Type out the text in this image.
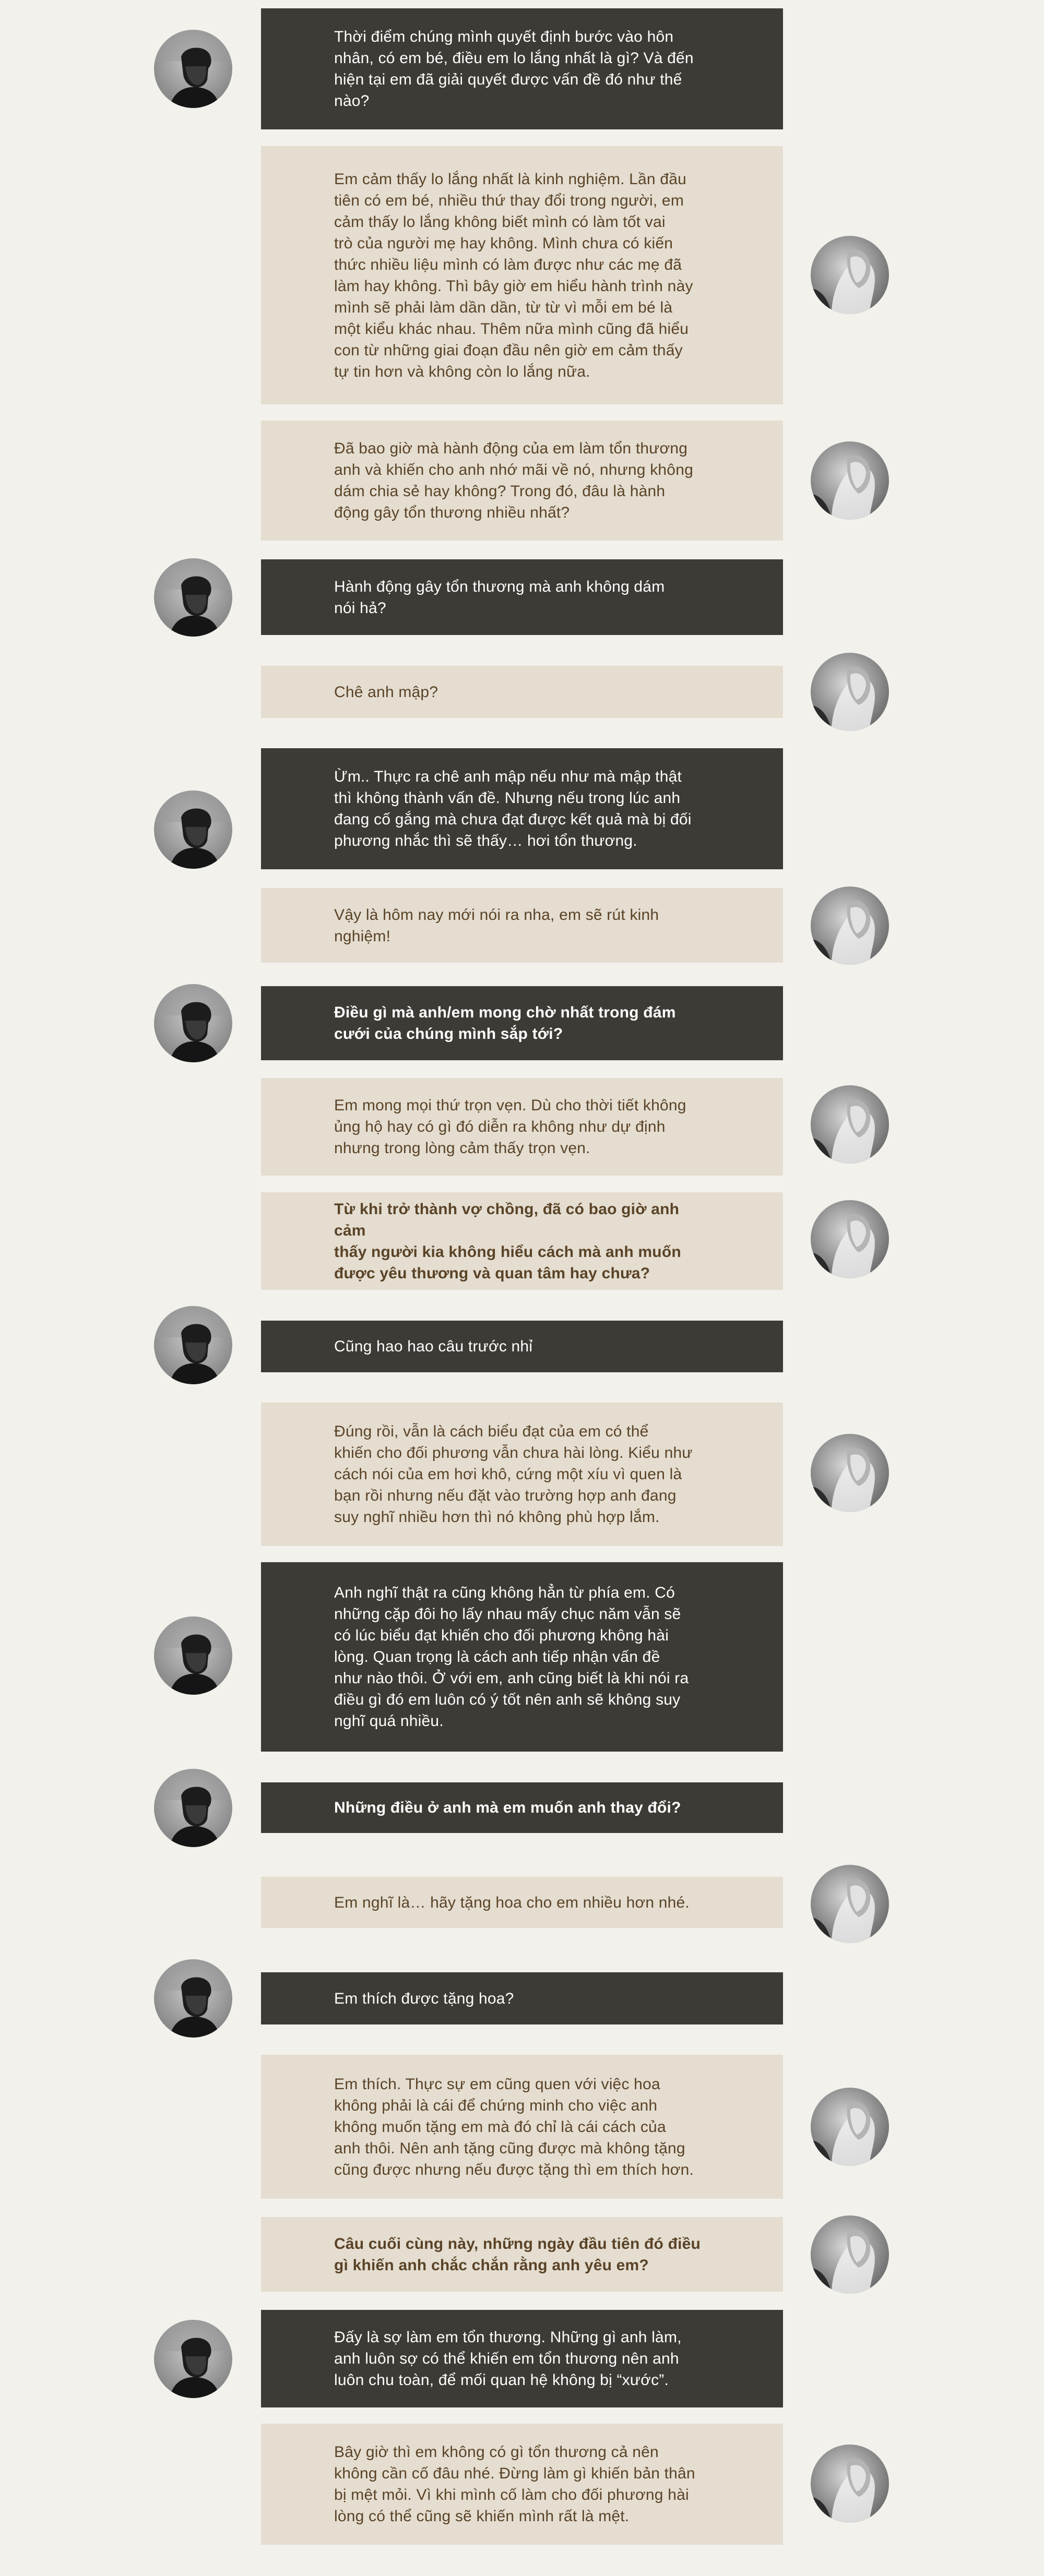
Thời điểm chúng mình quyết định bước vào hôn
nhân, có em bé, điều em lo lắng nhất là gì? Và đến
hiện tại em đã giải quyết được vấn đề đó như thế
nào?
Em cảm thấy lo lắng nhất là kinh nghiệm. Lần đầu
tiên có em bé, nhiều thứ thay đổi trong người, em
cảm thấy lo lắng không biết mình có làm tốt vai
trò của người mẹ hay không. Mình chưa có kiến
thức nhiều liệu mình có làm được như các mẹ đã
làm hay không. Thì bây giờ em hiểu hành trình này
mình sẽ phải làm dần dần, từ từ vì mỗi em bé là
một kiểu khác nhau. Thêm nữa mình cũng đã hiểu
con từ những giai đoạn đầu nên giờ em cảm thấy
tự tin hơn và không còn lo lắng nữa.
Đã bao giờ mà hành động của em làm tổn thương
anh và khiến cho anh nhớ mãi về nó, nhưng không
dám chia sẻ hay không? Trong đó, đâu là hành
động gây tổn thương nhiều nhất?
Hành động gây tổn thương mà anh không dám
nói hả?
Chê anh mập?
Ừm.. Thực ra chê anh mập nếu như mà mập thật
thì không thành vấn đề. Nhưng nếu trong lúc anh
đang cố gắng mà chưa đạt được kết quả mà bị đối
phương nhắc thì sẽ thấy… hơi tổn thương.
Vậy là hôm nay mới nói ra nha, em sẽ rút kinh
nghiệm!
Điều gì mà anh/em mong chờ nhất trong đám
cưới của chúng mình sắp tới?
Em mong mọi thứ trọn vẹn. Dù cho thời tiết không
ủng hộ hay có gì đó diễn ra không như dự định
nhưng trong lòng cảm thấy trọn vẹn.
Từ khi trở thành vợ chồng, đã có bao giờ anh cảm
thấy người kia không hiểu cách mà anh muốn
được yêu thương và quan tâm hay chưa?
Cũng hao hao câu trước nhỉ
Đúng rồi, vẫn là cách biểu đạt của em có thể
khiến cho đối phương vẫn chưa hài lòng. Kiểu như
cách nói của em hơi khô, cứng một xíu vì quen là
bạn rồi nhưng nếu đặt vào trường hợp anh đang
suy nghĩ nhiều hơn thì nó không phù hợp lắm.
Anh nghĩ thật ra cũng không hẳn từ phía em. Có
những cặp đôi họ lấy nhau mấy chục năm vẫn sẽ
có lúc biểu đạt khiến cho đối phương không hài
lòng. Quan trọng là cách anh tiếp nhận vấn đề
như nào thôi. Ở với em, anh cũng biết là khi nói ra
điều gì đó em luôn có ý tốt nên anh sẽ không suy
nghĩ quá nhiều.
Những điều ở anh mà em muốn anh thay đổi?
Em nghĩ là… hãy tặng hoa cho em nhiều hơn nhé.
Em thích được tặng hoa?
Em thích. Thực sự em cũng quen với việc hoa
không phải là cái để chứng minh cho việc anh
không muốn tặng em mà đó chỉ là cái cách của
anh thôi. Nên anh tặng cũng được mà không tặng
cũng được nhưng nếu được tặng thì em thích hơn.
Câu cuối cùng này, những ngày đầu tiên đó điều
gì khiến anh chắc chắn rằng anh yêu em?
Đấy là sợ làm em tổn thương. Những gì anh làm,
anh luôn sợ có thể khiến em tổn thương nên anh
luôn chu toàn, để mối quan hệ không bị “xước”.
Bây giờ thì em không có gì tổn thương cả nên
không cần cố đâu nhé. Đừng làm gì khiến bản thân
bị mệt mỏi. Vì khi mình cố làm cho đối phương hài
lòng có thể cũng sẽ khiến mình rất là mệt.
